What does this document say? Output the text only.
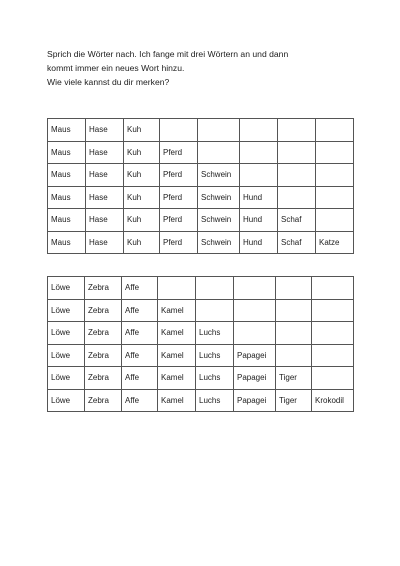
Sprich die Wörter nach. Ich fange mit drei Wörtern an und dann
kommt immer ein neues Wort hinzu.
Wie viele kannst du dir merken?
Maus	Hase	Kuh					
Maus	Hase	Kuh	Pferd				
Maus	Hase	Kuh	Pferd	Schwein			
Maus	Hase	Kuh	Pferd	Schwein	Hund		
Maus	Hase	Kuh	Pferd	Schwein	Hund	Schaf	
Maus	Hase	Kuh	Pferd	Schwein	Hund	Schaf	Katze
Löwe	Zebra	Affe					
Löwe	Zebra	Affe	Kamel				
Löwe	Zebra	Affe	Kamel	Luchs			
Löwe	Zebra	Affe	Kamel	Luchs	Papagei		
Löwe	Zebra	Affe	Kamel	Luchs	Papagei	Tiger	
Löwe	Zebra	Affe	Kamel	Luchs	Papagei	Tiger	Krokodil
